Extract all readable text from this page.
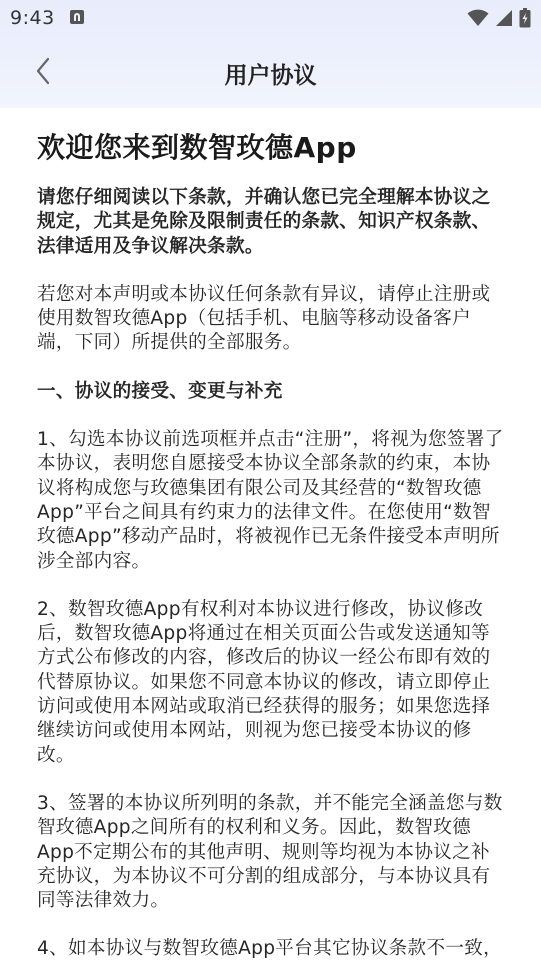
9:43
用户协议
欢迎您来到数智玫德App

请您仔细阅读以下条款，并确认您已完全理解本协议之规定，尤其是免除及限制责任的条款、知识产权条款、法律适用及争议解决条款。

若您对本声明或本协议任何条款有异议，请停止注册或使用数智玫德App（包括手机、电脑等移动设备客户端，下同）所提供的全部服务。

一、协议的接受、变更与补充

1、勾选本协议前选项框并点击“注册”，将视为您签署了本协议，表明您自愿接受本协议全部条款的约束，本协议将构成您与玫德集团有限公司及其经营的“数智玫德App”平台之间具有约束力的法律文件。在您使用“数智玫德App”移动产品时，将被视作已无条件接受本声明所涉全部内容。

2、数智玫德App有权利对本协议进行修改，协议修改后，数智玫德App将通过在相关页面公告或发送通知等方式公布修改的内容，修改后的协议一经公布即有效的代替原协议。如果您不同意本协议的修改，请立即停止访问或使用本网站或取消已经获得的服务；如果您选择继续访问或使用本网站，则视为您已接受本协议的修改。

3、签署的本协议所列明的条款，并不能完全涵盖您与数智玫德App之间所有的权利和义务。因此，数智玫德App不定期公布的其他声明、规则等均视为本协议之补充协议，为本协议不可分割的组成部分，与本协议具有同等法律效力。

4、如本协议与数智玫德App平台其它协议条款不一致，
